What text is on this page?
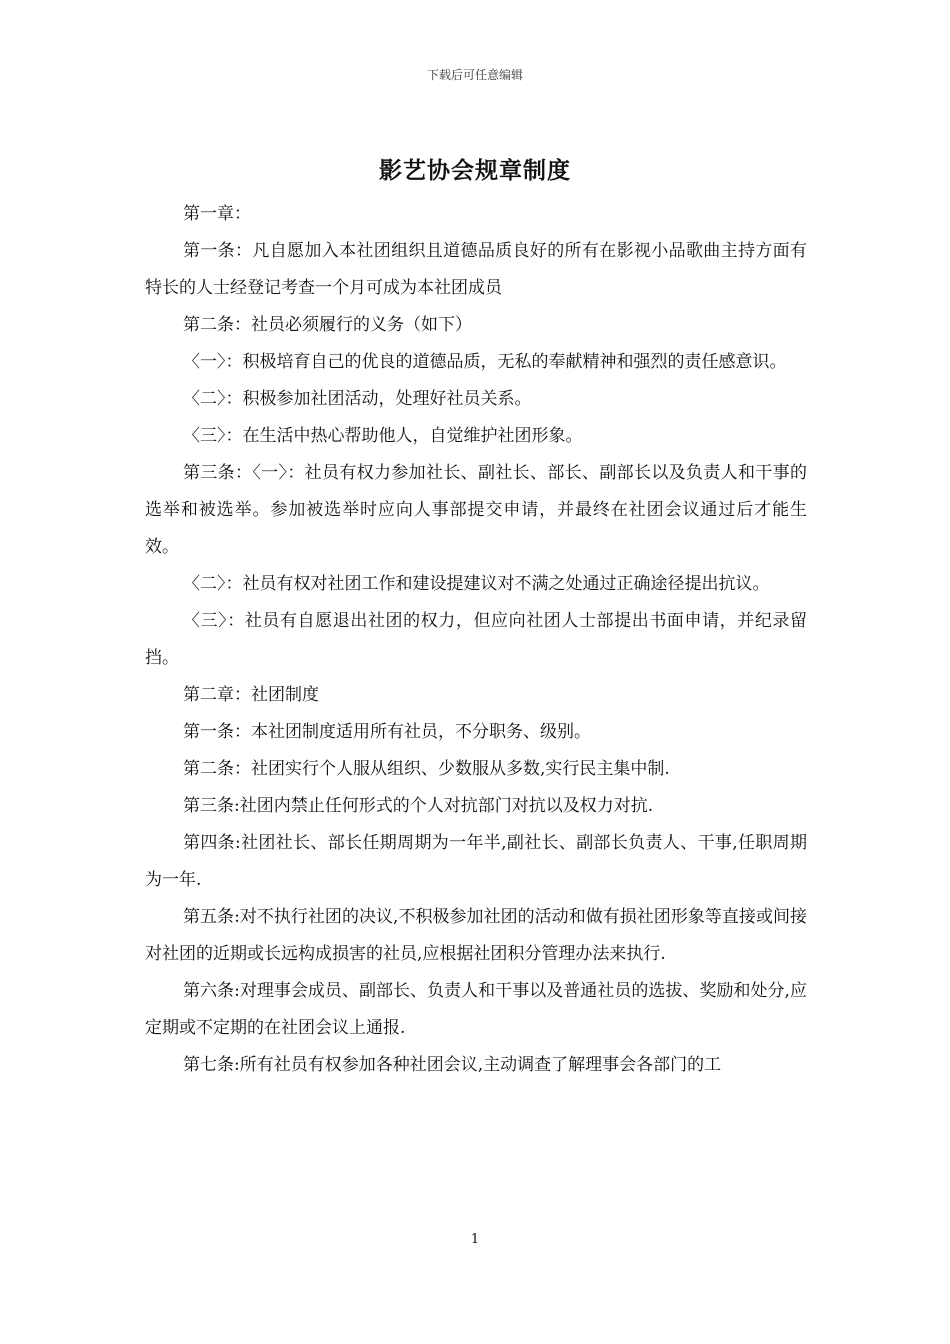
下载后可任意编辑
影艺协会规章制度

第一章：

第一条：凡自愿加入本社团组织且道德品质良好的所有在影视小品歌曲主持方面有特长的人士经登记考查一个月可成为本社团成员

第二条：社员必须履行的义务（如下）

〈一〉：积极培育自己的优良的道德品质，无私的奉献精神和强烈的责任感意识。

〈二〉：积极参加社团活动，处理好社员关系。

〈三〉：在生活中热心帮助他人，自觉维护社团形象。

第三条：〈一〉：社员有权力参加社长、副社长、部长、副部长以及负责人和干事的选举和被选举。参加被选举时应向人事部提交申请，并最终在社团会议通过后才能生效。

〈二〉：社员有权对社团工作和建设提建议对不满之处通过正确途径提出抗议。

〈三〉：社员有自愿退出社团的权力，但应向社团人士部提出书面申请，并纪录留挡。

第二章：社团制度

第一条：本社团制度适用所有社员，不分职务、级别。

第二条：社团实行个人服从组织、少数服从多数,实行民主集中制.

第三条:社团内禁止任何形式的个人对抗部门对抗以及权力对抗.

第四条:社团社长、部长任期周期为一年半,副社长、副部长负责人、干事,任职周期为一年.

第五条:对不执行社团的决议,不积极参加社团的活动和做有损社团形象等直接或间接对社团的近期或长远构成损害的社员,应根据社团积分管理办法来执行.

第六条:对理事会成员、副部长、负责人和干事以及普通社员的选拔、奖励和处分,应定期或不定期的在社团会议上通报.

第七条:所有社员有权参加各种社团会议,主动调查了解理事会各部门的工

1
